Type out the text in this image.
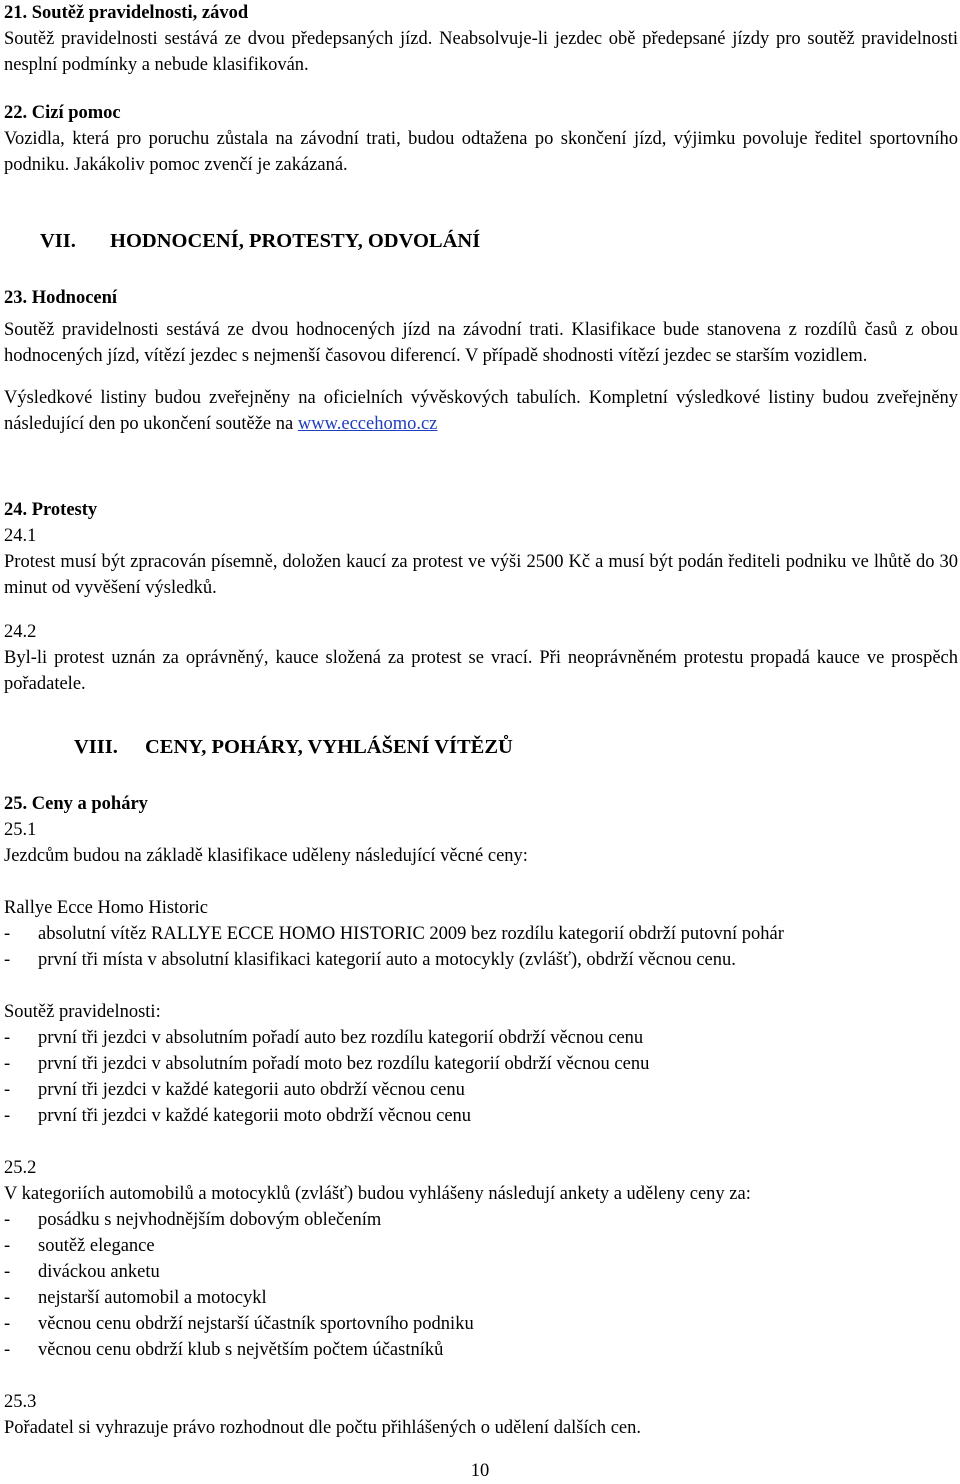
21. Soutěž pravidelnosti, závod

Soutěž pravidelnosti sestává ze dvou předepsaných jízd. Neabsolvuje-li jezdec obě předepsané jízdy pro soutěž pravidelnosti nesplní podmínky a nebude klasifikován.

22. Cizí pomoc

Vozidla, která pro poruchu zůstala na závodní trati, budou odtažena po skončení jízd, výjimku povoluje ředitel sportovního podniku. Jakákoliv pomoc zvenčí je zakázaná.

VII. HODNOCENÍ, PROTESTY, ODVOLÁNÍ
23. Hodnocení

Soutěž pravidelnosti sestává ze dvou hodnocených jízd na závodní trati. Klasifikace bude stanovena z rozdílů časů z obou hodnocených jízd, vítězí jezdec s nejmenší časovou diferencí. V případě shodnosti vítězí jezdec se starším vozidlem.

Výsledkové listiny budou zveřejněny na oficielních vývěskových tabulích. Kompletní výsledkové listiny budou zveřejněny následující den po ukončení soutěže na www.eccehomo.cz

24. Protesty
24.1

Protest musí být zpracován písemně, doložen kaucí za protest ve výši 2500 Kč a musí být podán řediteli podniku ve lhůtě do 30 minut od vyvěšení výsledků.

24.2

Byl-li protest uznán za oprávněný, kauce složená za protest se vrací. Při neoprávněném protestu propadá kauce ve prospěch pořadatele.

VIII. CENY, POHÁRY, VYHLÁŠENÍ VÍTĚZŮ
25. Ceny a poháry
25.1
Jezdcům budou na základě klasifikace uděleny následující věcné ceny:
Rallye Ecce Homo Historic
-	absolutní vítěz RALLYE ECCE HOMO HISTORIC 2009 bez rozdílu kategorií obdrží putovní pohár
-	první tři místa v absolutní klasifikaci kategorií auto a motocykly (zvlášť), obdrží věcnou cenu.
Soutěž pravidelnosti:
-	první tři jezdci v absolutním pořadí auto bez rozdílu kategorií obdrží věcnou cenu
-	první tři jezdci v absolutním pořadí moto bez rozdílu kategorií obdrží věcnou cenu
-	první tři jezdci v každé kategorii auto obdrží věcnou cenu
-	první tři jezdci v každé kategorii moto obdrží věcnou cenu
25.2
V kategoriích automobilů a motocyklů (zvlášť) budou vyhlášeny následují ankety a uděleny ceny za:
-	posádku s nejvhodnějším dobovým oblečením
-	soutěž elegance
-	diváckou anketu
-	nejstarší automobil a motocykl
-	věcnou cenu obdrží nejstarší účastník sportovního podniku
-	věcnou cenu obdrží klub s největším počtem účastníků
25.3
Pořadatel si vyhrazuje právo rozhodnout dle počtu přihlášených o udělení dalších cen.
10
